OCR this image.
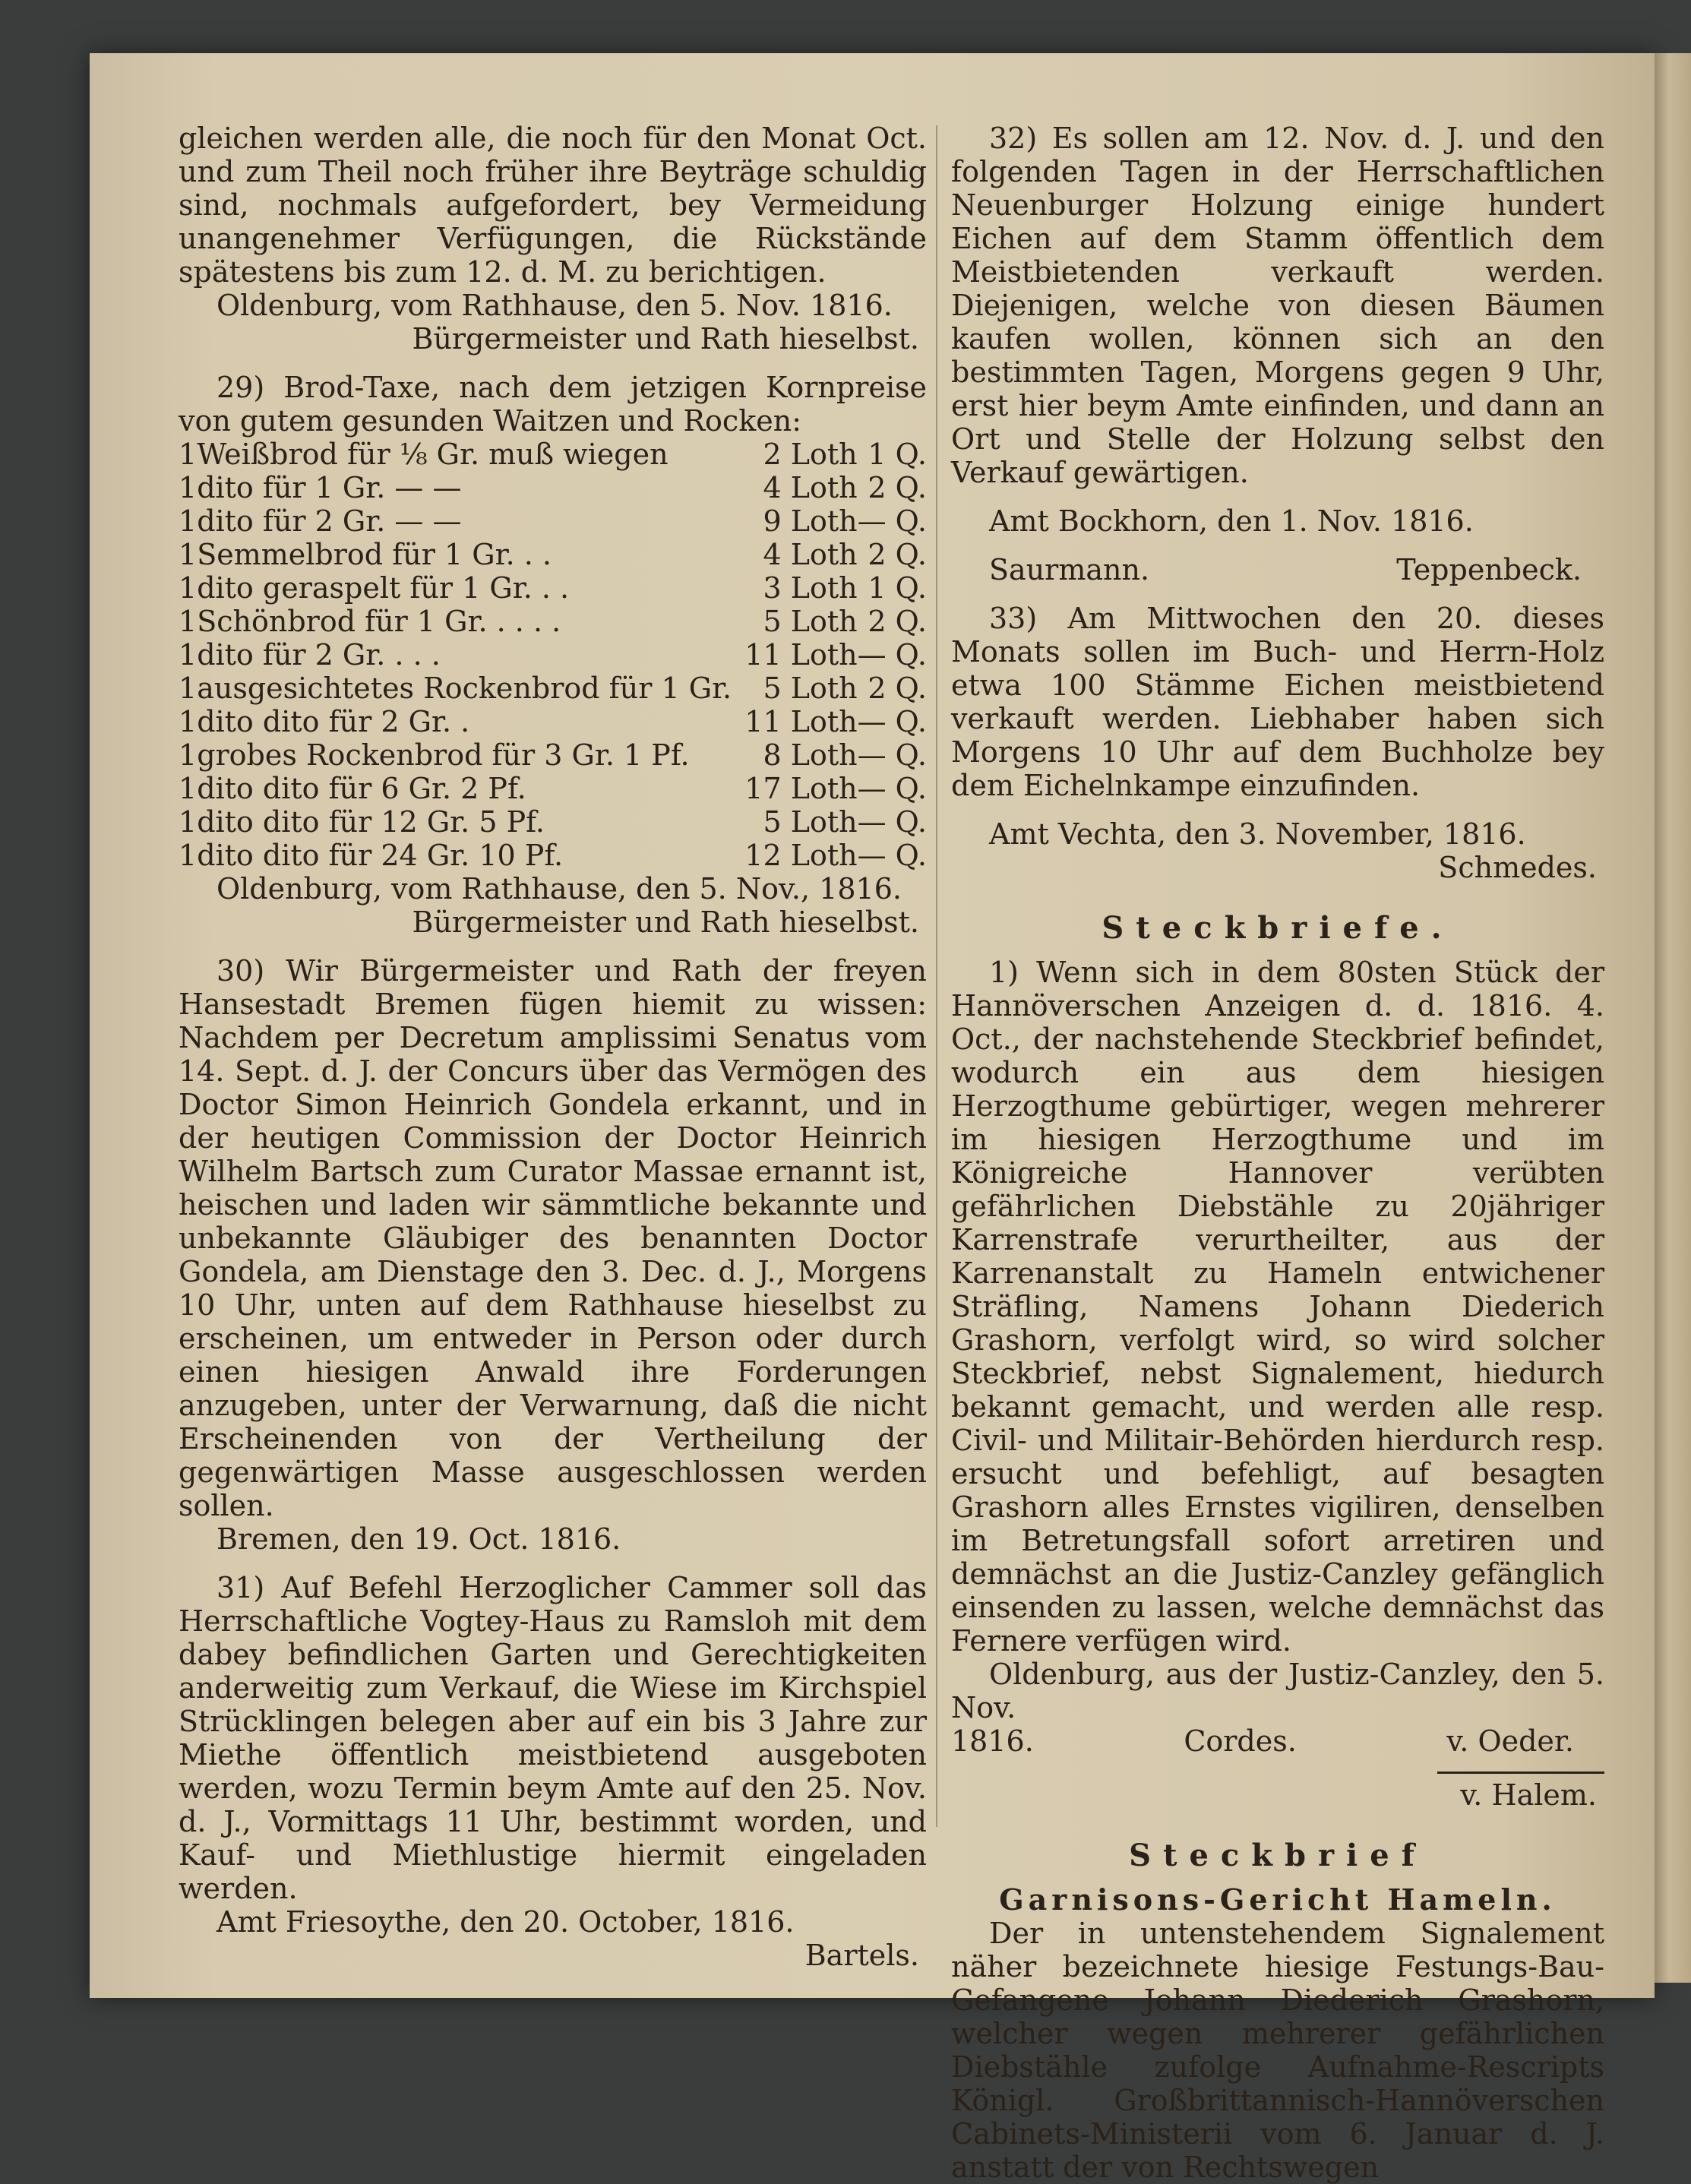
gleichen werden alle, die noch für den Monat Oct. und zum Theil noch früher ihre Beyträge schuldig sind, nochmals aufgefordert, bey Vermeidung unangenehmer Verfügungen, die Rückstände spätestens bis zum 12. d. M. zu berichtigen.

Oldenburg, vom Rathhause, den 5. Nov. 1816.

Bürgermeister und Rath hieselbst.

29) Brod-Taxe, nach dem jetzigen Kornpreise von gutem gesunden Waitzen und Rocken:

1	Weißbrod für ⅛ Gr. muß wiegen	2 Loth	1 Q.
1	dito für 1 Gr. — —	4 Loth	2 Q.
1	dito für 2 Gr. — —	9 Loth	— Q.
1	Semmelbrod für 1 Gr. . .	4 Loth	2 Q.
1	dito geraspelt für 1 Gr. . .	3 Loth	1 Q.
1	Schönbrod für 1 Gr. . . . .	5 Loth	2 Q.
1	dito für 2 Gr. . . .	11 Loth	— Q.
1	ausgesichtetes Rockenbrod für 1 Gr.	5 Loth	2 Q.
1	dito dito für 2 Gr. .	11 Loth	— Q.
1	grobes Rockenbrod für 3 Gr. 1 Pf.	8 Loth	— Q.
1	dito dito für 6 Gr. 2 Pf.	17 Loth	— Q.
1	dito dito für 12 Gr. 5 Pf.	5 Loth	— Q.
1	dito dito für 24 Gr. 10 Pf.	12 Loth	— Q.

Oldenburg, vom Rathhause, den 5. Nov., 1816.

Bürgermeister und Rath hieselbst.

30) Wir Bürgermeister und Rath der freyen Hansestadt Bremen fügen hiemit zu wissen: Nachdem per Decretum amplissimi Senatus vom 14. Sept. d. J. der Concurs über das Vermögen des Doctor Simon Heinrich Gondela erkannt, und in der heutigen Commission der Doctor Heinrich Wilhelm Bartsch zum Curator Massae ernannt ist, heischen und laden wir sämmtliche bekannte und unbekannte Gläubiger des benannten Doctor Gondela, am Dienstage den 3. Dec. d. J., Morgens 10 Uhr, unten auf dem Rathhause hieselbst zu erscheinen, um entweder in Person oder durch einen hiesigen Anwald ihre Forderungen anzugeben, unter der Verwarnung, daß die nicht Erscheinenden von der Vertheilung der gegenwärtigen Masse ausgeschlossen werden sollen.

Bremen, den 19. Oct. 1816.

31) Auf Befehl Herzoglicher Cammer soll das Herrschaftliche Vogtey-Haus zu Ramsloh mit dem dabey befindlichen Garten und Gerechtigkeiten anderweitig zum Verkauf, die Wiese im Kirchspiel Strücklingen belegen aber auf ein bis 3 Jahre zur Miethe öffentlich meistbietend ausgeboten werden, wozu Termin beym Amte auf den 25. Nov. d. J., Vormittags 11 Uhr, bestimmt worden, und Kauf- und Miethlustige hiermit eingeladen werden.

Amt Friesoythe, den 20. October, 1816.

Bartels.

32) Es sollen am 12. Nov. d. J. und den folgenden Tagen in der Herrschaftlichen Neuenburger Holzung einige hundert Eichen auf dem Stamm öffentlich dem Meistbietenden verkauft werden. Diejenigen, welche von diesen Bäumen kaufen wollen, können sich an den bestimmten Tagen, Morgens gegen 9 Uhr, erst hier beym Amte einfinden, und dann an Ort und Stelle der Holzung selbst den Verkauf gewärtigen.

Amt Bockhorn, den 1. Nov. 1816.

Saurmann.	Teppenbeck.

33) Am Mittwochen den 20. dieses Monats sollen im Buch- und Herrn-Holz etwa 100 Stämme Eichen meistbietend verkauft werden. Liebhaber haben sich Morgens 10 Uhr auf dem Buchholze bey dem Eichelnkampe einzufinden.

Amt Vechta, den 3. November, 1816.

Schmedes.

Steckbriefe.

1) Wenn sich in dem 80sten Stück der Hannöverschen Anzeigen d. d. 1816. 4. Oct., der nachstehende Steckbrief befindet, wodurch ein aus dem hiesigen Herzogthume gebürtiger, wegen mehrerer im hiesigen Herzogthume und im Königreiche Hannover verübten gefährlichen Diebstähle zu 20jähriger Karrenstrafe verurtheilter, aus der Karrenanstalt zu Hameln entwichener Sträfling, Namens Johann Diederich Grashorn, verfolgt wird, so wird solcher Steckbrief, nebst Signalement, hiedurch bekannt gemacht, und werden alle resp. Civil- und Militair-Behörden hierdurch resp. ersucht und befehligt, auf besagten Grashorn alles Ernstes vigiliren, denselben im Betretungsfall sofort arretiren und demnächst an die Justiz-Canzley gefänglich einsenden zu lassen, welche demnächst das Fernere verfügen wird.

Oldenburg, aus der Justiz-Canzley, den 5. Nov.

1816.	Cordes.	v. Oeder.

v. Halem.

Steckbrief
Garnisons-Gericht Hameln.

Der in untenstehendem Signalement näher bezeichnete hiesige Festungs-Bau-Gefangene Johann Diederich Grashorn, welcher wegen mehrerer gefährlichen Diebstähle zufolge Aufnahme-Rescripts Königl. Großbrittannisch-Hannöverschen Cabinets-Ministerii vom 6. Januar d. J. anstatt der von Rechtswegen
